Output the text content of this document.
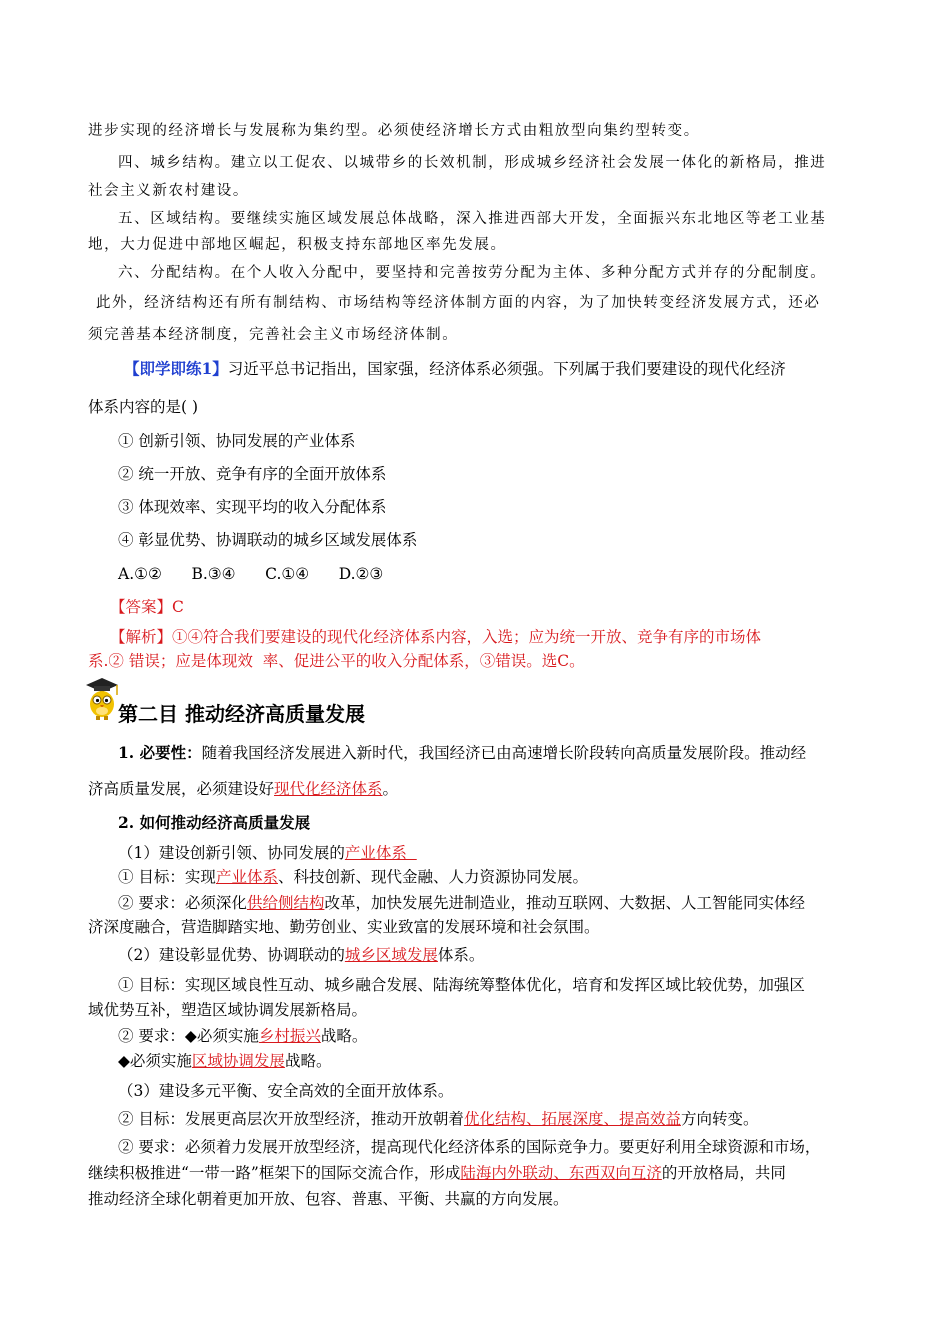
进步实现的经济增长与发展称为集约型。必须使经济增长方式由粗放型向集约型转变。
四、城乡结构。建立以工促农、以城带乡的长效机制，形成城乡经济社会发展一体化的新格局，推进
社会主义新农村建设。
五、区域结构。要继续实施区域发展总体战略，深入推进西部大开发，全面振兴东北地区等老工业基
地，大力促进中部地区崛起，积极支持东部地区率先发展。
六、分配结构。在个人收入分配中，要坚持和完善按劳分配为主体、多种分配方式并存的分配制度。
此外，经济结构还有所有制结构、市场结构等经济体制方面的内容，为了加快转变经济发展方式，还必
须完善基本经济制度，完善社会主义市场经济体制。
【即学即练1】习近平总书记指出，国家强，经济体系必须强。下列属于我们要建设的现代化经济
体系内容的是( )
① 创新引领、协同发展的产业体系
② 统一开放、竞争有序的全面开放体系
③ 体现效率、实现平均的收入分配体系
④ 彰显优势、协调联动的城乡区域发展体系
A.①②      B.③④      C.①④      D.②③
【答案】C
【解析】①④符合我们要建设的现代化经济体系内容，入选；应为统一开放、竞争有序的市场体
系.② 错误；应是体现效  率、促进公平的收入分配体系，③错误。选C。
第二目 推动经济高质量发展
1. 必要性：随着我国经济发展进入新时代，我国经济已由高速增长阶段转向高质量发展阶段。推动经
济高质量发展，必须建设好现代化经济体系。
2. 如何推动经济高质量发展
（1）建设创新引领、协同发展的产业体系
① 目标：实现产业体系、科技创新、现代金融、人力资源协同发展。
② 要求：必须深化供给侧结构改革，加快发展先进制造业，推动互联网、大数据、人工智能同实体经
济深度融合，营造脚踏实地、勤劳创业、实业致富的发展环境和社会氛围。
（2）建设彰显优势、协调联动的城乡区域发展体系。
① 目标：实现区域良性互动、城乡融合发展、陆海统筹整体优化，培育和发挥区域比较优势，加强区
域优势互补，塑造区域协调发展新格局。
② 要求：◆必须实施乡村振兴战略。
◆必须实施区域协调发展战略。
（3）建设多元平衡、安全高效的全面开放体系。
② 目标：发展更高层次开放型经济，推动开放朝着优化结构、拓展深度、提高效益方向转变。
② 要求：必须着力发展开放型经济，提高现代化经济体系的国际竞争力。要更好利用全球资源和市场，
继续积极推进“一带一路”框架下的国际交流合作，形成陆海内外联动、东西双向互济的开放格局，共同
推动经济全球化朝着更加开放、包容、普惠、平衡、共赢的方向发展。
